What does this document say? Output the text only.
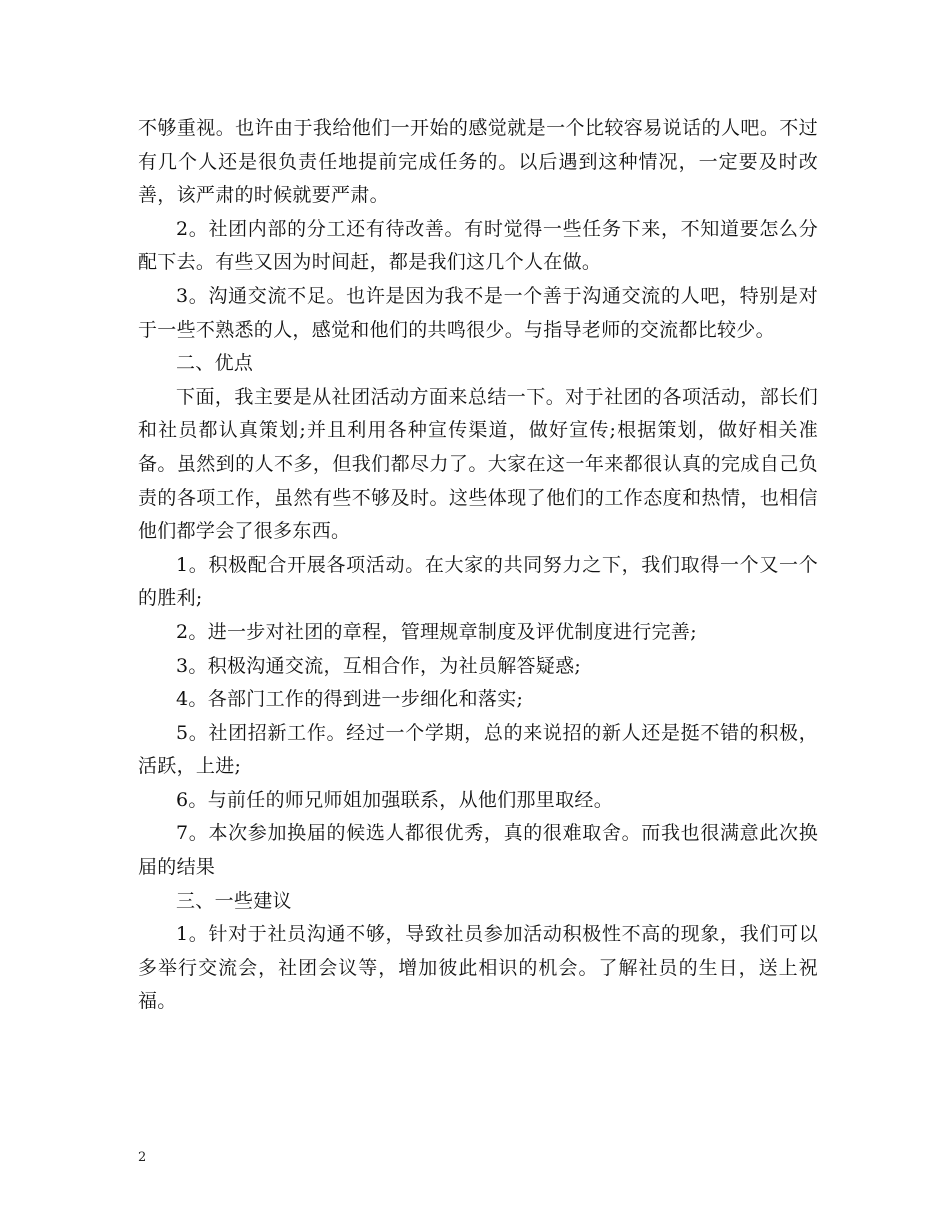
不够重视。也许由于我给他们一开始的感觉就是一个比较容易说话的人吧。不过有几个人还是很负责任地提前完成任务的。以后遇到这种情况，一定要及时改善，该严肃的时候就要严肃。

2。社团内部的分工还有待改善。有时觉得一些任务下来，不知道要怎么分配下去。有些又因为时间赶，都是我们这几个人在做。

3。沟通交流不足。也许是因为我不是一个善于沟通交流的人吧，特别是对于一些不熟悉的人，感觉和他们的共鸣很少。与指导老师的交流都比较少。

二、优点

下面，我主要是从社团活动方面来总结一下。对于社团的各项活动，部长们和社员都认真策划;并且利用各种宣传渠道，做好宣传;根据策划，做好相关准备。虽然到的人不多，但我们都尽力了。大家在这一年来都很认真的完成自己负责的各项工作，虽然有些不够及时。这些体现了他们的工作态度和热情，也相信他们都学会了很多东西。

1。积极配合开展各项活动。在大家的共同努力之下，我们取得一个又一个的胜利;

2。进一步对社团的章程，管理规章制度及评优制度进行完善;

3。积极沟通交流，互相合作，为社员解答疑惑;

4。各部门工作的得到进一步细化和落实;

5。社团招新工作。经过一个学期，总的来说招的新人还是挺不错的积极，活跃，上进;

6。与前任的师兄师姐加强联系，从他们那里取经。

7。本次参加换届的候选人都很优秀，真的很难取舍。而我也很满意此次换届的结果

三、一些建议

1。针对于社员沟通不够，导致社员参加活动积极性不高的现象，我们可以多举行交流会，社团会议等，增加彼此相识的机会。了解社员的生日，送上祝福。

2
